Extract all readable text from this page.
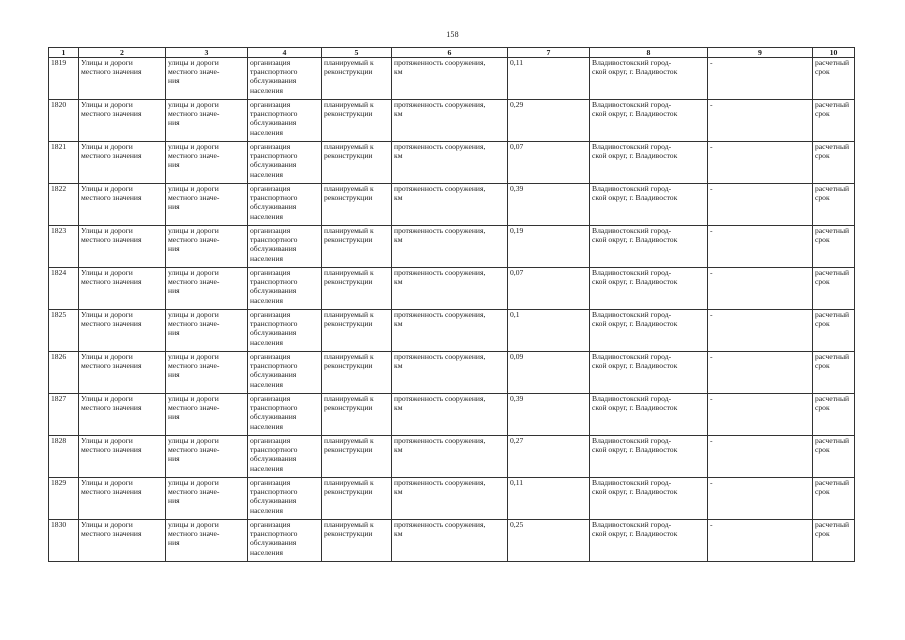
158
1	2	3	4	5	6	7	8	9	10
1819	Улицы и дороги
местного значения	улицы и дороги
местного значе-
ния	организация
транспортного
обслуживания
населения	планируемый к
реконструкции	протяженность сооружения,
км	0,11	Владивостокский город-
ской округ, г. Владивосток	-	расчетный
срок

1820	Улицы и дороги
местного значения	улицы и дороги
местного значе-
ния	организация
транспортного
обслуживания
населения	планируемый к
реконструкции	протяженность сооружения,
км	0,29	Владивостокский город-
ской округ, г. Владивосток	-	расчетный
срок

1821	Улицы и дороги
местного значения	улицы и дороги
местного значе-
ния	организация
транспортного
обслуживания
населения	планируемый к
реконструкции	протяженность сооружения,
км	0,07	Владивостокский город-
ской округ, г. Владивосток	-	расчетный
срок

1822	Улицы и дороги
местного значения	улицы и дороги
местного значе-
ния	организация
транспортного
обслуживания
населения	планируемый к
реконструкции	протяженность сооружения,
км	0,39	Владивостокский город-
ской округ, г. Владивосток	-	расчетный
срок

1823	Улицы и дороги
местного значения	улицы и дороги
местного значе-
ния	организация
транспортного
обслуживания
населения	планируемый к
реконструкции	протяженность сооружения,
км	0,19	Владивостокский город-
ской округ, г. Владивосток	-	расчетный
срок

1824	Улицы и дороги
местного значения	улицы и дороги
местного значе-
ния	организация
транспортного
обслуживания
населения	планируемый к
реконструкции	протяженность сооружения,
км	0,07	Владивостокский город-
ской округ, г. Владивосток	-	расчетный
срок

1825	Улицы и дороги
местного значения	улицы и дороги
местного значе-
ния	организация
транспортного
обслуживания
населения	планируемый к
реконструкции	протяженность сооружения,
км	0,1	Владивостокский город-
ской округ, г. Владивосток	-	расчетный
срок

1826	Улицы и дороги
местного значения	улицы и дороги
местного значе-
ния	организация
транспортного
обслуживания
населения	планируемый к
реконструкции	протяженность сооружения,
км	0,09	Владивостокский город-
ской округ, г. Владивосток	-	расчетный
срок

1827	Улицы и дороги
местного значения	улицы и дороги
местного значе-
ния	организация
транспортного
обслуживания
населения	планируемый к
реконструкции	протяженность сооружения,
км	0,39	Владивостокский город-
ской округ, г. Владивосток	-	расчетный
срок

1828	Улицы и дороги
местного значения	улицы и дороги
местного значе-
ния	организация
транспортного
обслуживания
населения	планируемый к
реконструкции	протяженность сооружения,
км	0,27	Владивостокский город-
ской округ, г. Владивосток	-	расчетный
срок

1829	Улицы и дороги
местного значения	улицы и дороги
местного значе-
ния	организация
транспортного
обслуживания
населения	планируемый к
реконструкции	протяженность сооружения,
км	0,11	Владивостокский город-
ской округ, г. Владивосток	-	расчетный
срок

1830	Улицы и дороги
местного значения	улицы и дороги
местного значе-
ния	организация
транспортного
обслуживания
населения	планируемый к
реконструкции	протяженность сооружения,
км	0,25	Владивостокский город-
ской округ, г. Владивосток	-	расчетный
срок
